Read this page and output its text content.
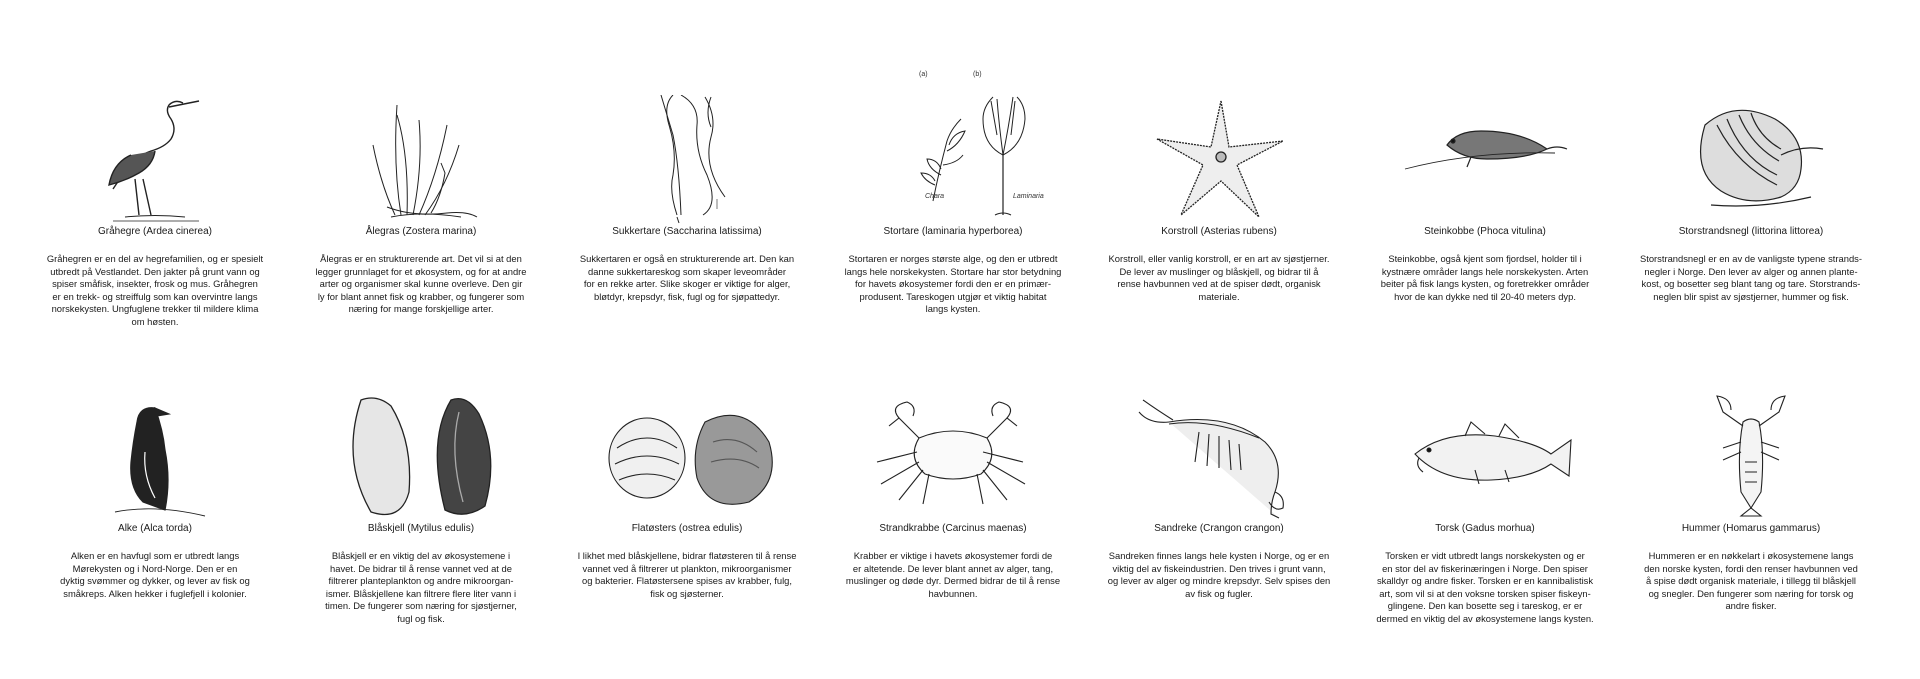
Gråhegre (Ardea cinerea)
Gråhegren er en del av hegrefamilien, og er spesielt
utbredt på Vestlandet. Den jakter på grunt vann og
spiser småfisk, insekter, frosk og mus. Gråhegren
er en trekk- og streiffulg som kan overvintre langs
norskekysten. Ungfuglene trekker til mildere klima
om høsten.
Ålegras (Zostera marina)
Ålegras er en strukturerende art. Det vil si at den
legger grunnlaget for et økosystem, og for at andre
arter og organismer skal kunne overleve. Den gir
ly for blant annet fisk og krabber, og fungerer som
næring for mange forskjellige arter.
Sukkertare (Saccharina latissima)
Sukkertaren er også en strukturerende art. Den kan
danne sukkertareskog som skaper leveområder
for en rekke arter. Slike skoger er viktige for alger,
bløtdyr, krepsdyr, fisk, fugl og for sjøpattedyr.
(a)	(b)
Chara	Laminaria
Stortare (laminaria hyperborea)
Stortaren er norges største alge, og den er utbredt
langs hele norskekysten. Stortare har stor betydning
for havets økosystemer fordi den er en primær-
produsent. Tareskogen utgjør et viktig habitat
langs kysten.
Korstroll (Asterias rubens)
Korstroll, eller vanlig korstroll, er en art av sjøstjerner.
De lever av muslinger og blåskjell, og bidrar til å
rense havbunnen ved at de spiser dødt, organisk
materiale.
Steinkobbe (Phoca vitulina)
Steinkobbe, også kjent som fjordsel, holder til i
kystnære områder langs hele norskekysten. Arten
beiter på fisk langs kysten, og foretrekker områder
hvor de kan dykke ned til 20-40 meters dyp.
Storstrandsnegl (littorina littorea)
Storstrandsnegl er en av de vanligste typene strands-
negler i Norge. Den lever av alger og annen plante-
kost, og bosetter seg blant tang og tare. Storstrands-
neglen blir spist av sjøstjerner, hummer og fisk.
Alke (Alca torda)
Alken er en havfugl som er utbredt langs
Mørekysten og i Nord-Norge. Den er en
dyktig svømmer og dykker, og lever av fisk og
småkreps. Alken hekker i fuglefjell i kolonier.
Blåskjell (Mytilus edulis)
Blåskjell er en viktig del av økosystemene i
havet. De bidrar til å rense vannet ved at de
filtrerer planteplankton og andre mikroorgan-
ismer. Blåskjellene kan filtrere flere liter vann i
timen. De fungerer som næring for sjøstjerner,
fugl og fisk.
Flatøsters (ostrea edulis)
I likhet med blåskjellene, bidrar flatøsteren til å rense
vannet ved å filtrerer ut plankton, mikroorganismer
og bakterier. Flatøstersene spises av krabber, fulg,
fisk og sjøsterner.
Strandkrabbe (Carcinus maenas)
Krabber er viktige i havets økosystemer fordi de
er altetende. De lever blant annet av alger, tang,
muslinger og døde dyr. Dermed bidrar de til å rense
havbunnen.
Sandreke (Crangon crangon)
Sandreken finnes langs hele kysten i Norge, og er en
viktig del av fiskeindustrien. Den trives i grunt vann,
og lever av alger og mindre krepsdyr. Selv spises den
av fisk og fugler.
Torsk (Gadus morhua)
Torsken er vidt utbredt langs norskekysten og er
en stor del av fiskerinæringen i Norge. Den spiser
skalldyr og andre fisker. Torsken er en kannibalistisk
art, som vil si at den voksne torsken spiser fiskeyn-
glingene. Den kan bosette seg i tareskog, er er
dermed en viktig del av økosystemene langs kysten.
Hummer (Homarus gammarus)
Hummeren er en nøkkelart i økosystemene langs
den norske kysten, fordi den renser havbunnen ved
å spise dødt organisk materiale, i tillegg til blåskjell
og snegler. Den fungerer som næring for torsk og
andre fisker.
